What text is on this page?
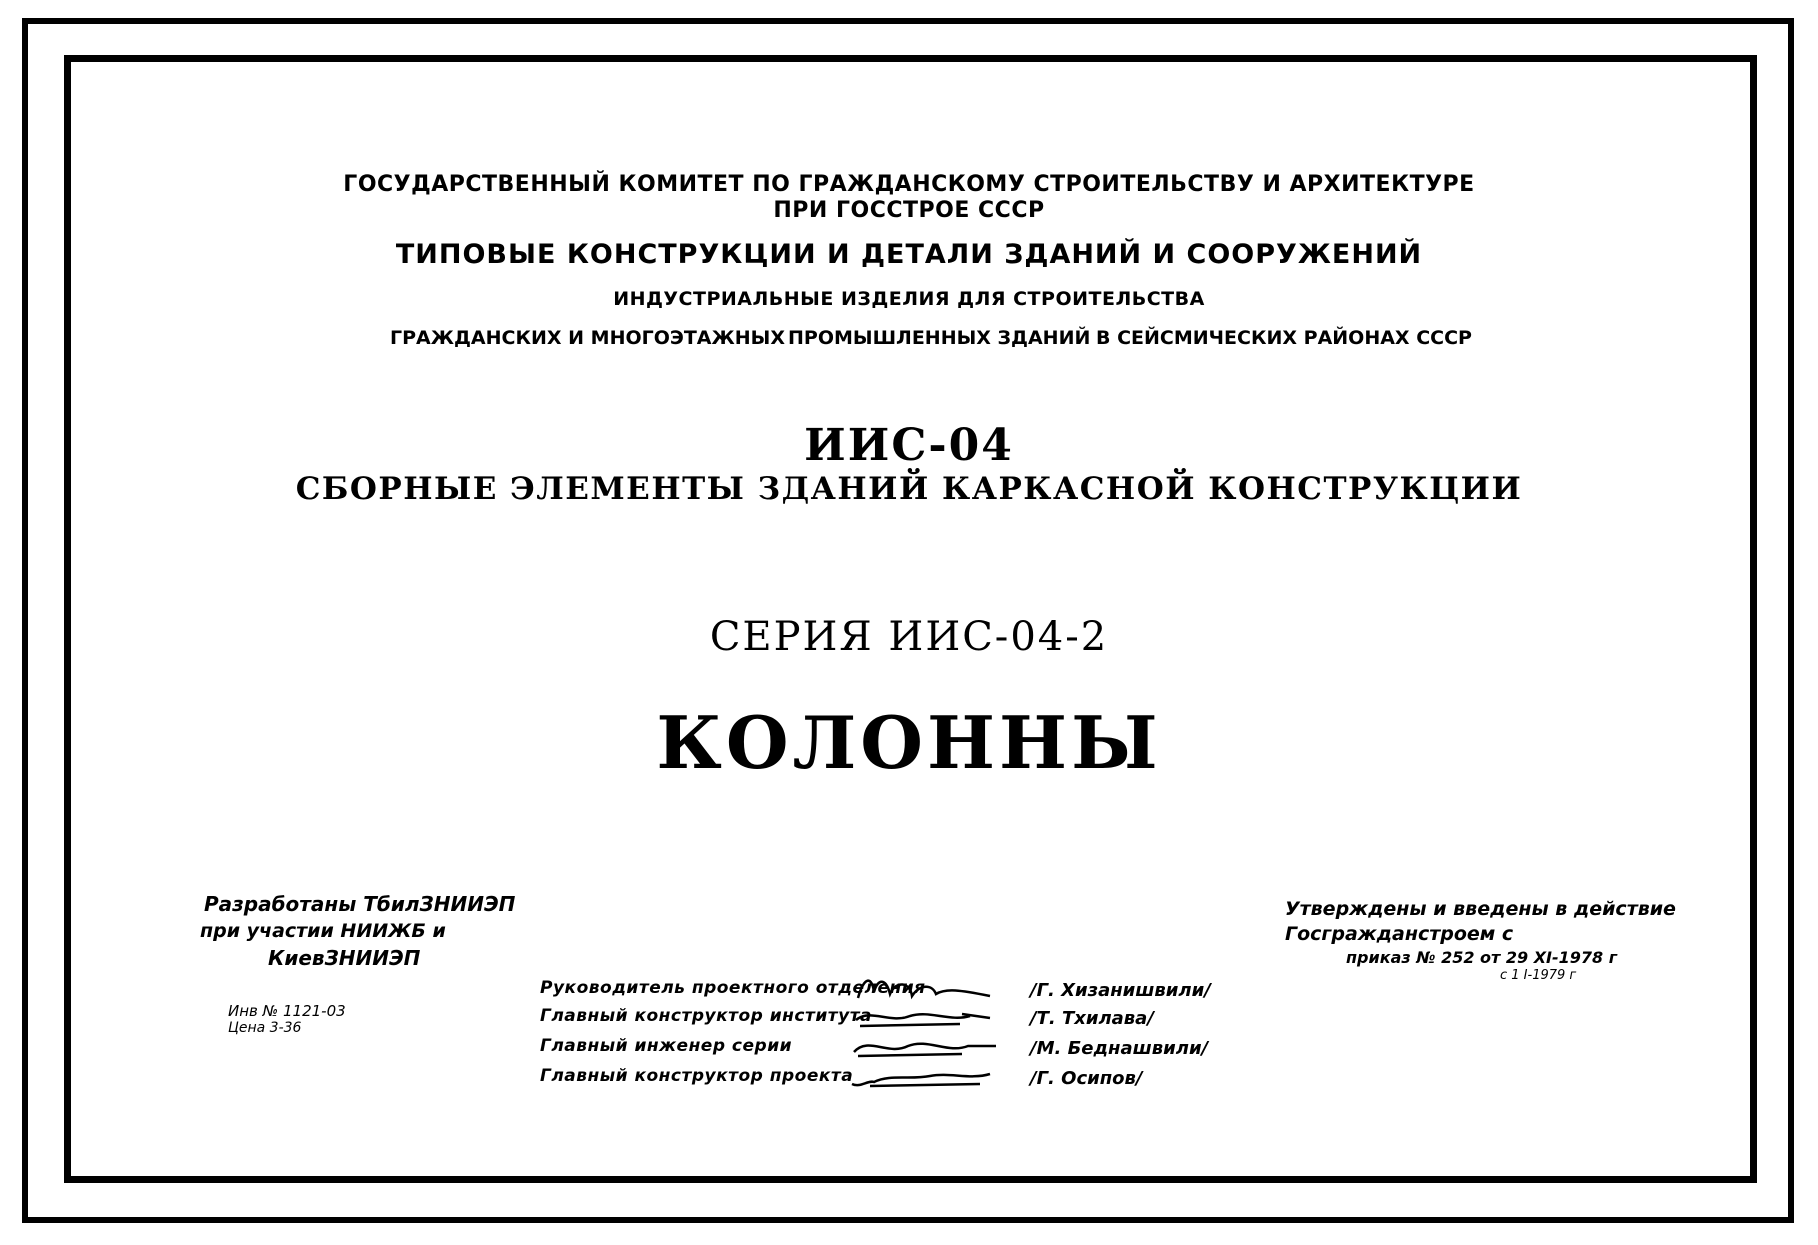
ГОСУДАРСТВЕННЫЙ КОМИТЕТ ПО ГРАЖДАНСКОМУ СТРОИТЕЛЬСТВУ И АРХИТЕКТУРЕ
ПРИ ГОССТРОЕ СССР
ТИПОВЫЕ КОНСТРУКЦИИ И ДЕТАЛИ ЗДАНИЙ И СООРУЖЕНИЙ
ИНДУСТРИАЛЬНЫЕ ИЗДЕЛИЯ ДЛЯ СТРОИТЕЛЬСТВА
ГРАЖДАНСКИХ И МНОГОЭТАЖНЫХ ПРОМЫШЛЕННЫХ ЗДАНИЙ В СЕЙСМИЧЕСКИХ РАЙОНАХ СССР
ИИС-04
СБОРНЫЕ ЭЛЕМЕНТЫ ЗДАНИЙ КАРКАСНОЙ КОНСТРУКЦИИ
СЕРИЯ ИИС-04-2
КОЛОННЫ
Разработаны ТбилЗНИИЭП
при участии НИИЖБ и
КиевЗНИИЭП
Инв № 1121-03
Цена 3-36
Утверждены и введены в действие
Госгражданстроем с
приказ № 252 от 29 XI-1978 г
с 1 I-1979 г
Руководитель проектного отделения	/Г. Хизанишвили/
Главный конструктор института	/Т. Тхилава/
Главный инженер серии	/М. Беднашвили/
Главный конструктор проекта	/Г. Осипов/
